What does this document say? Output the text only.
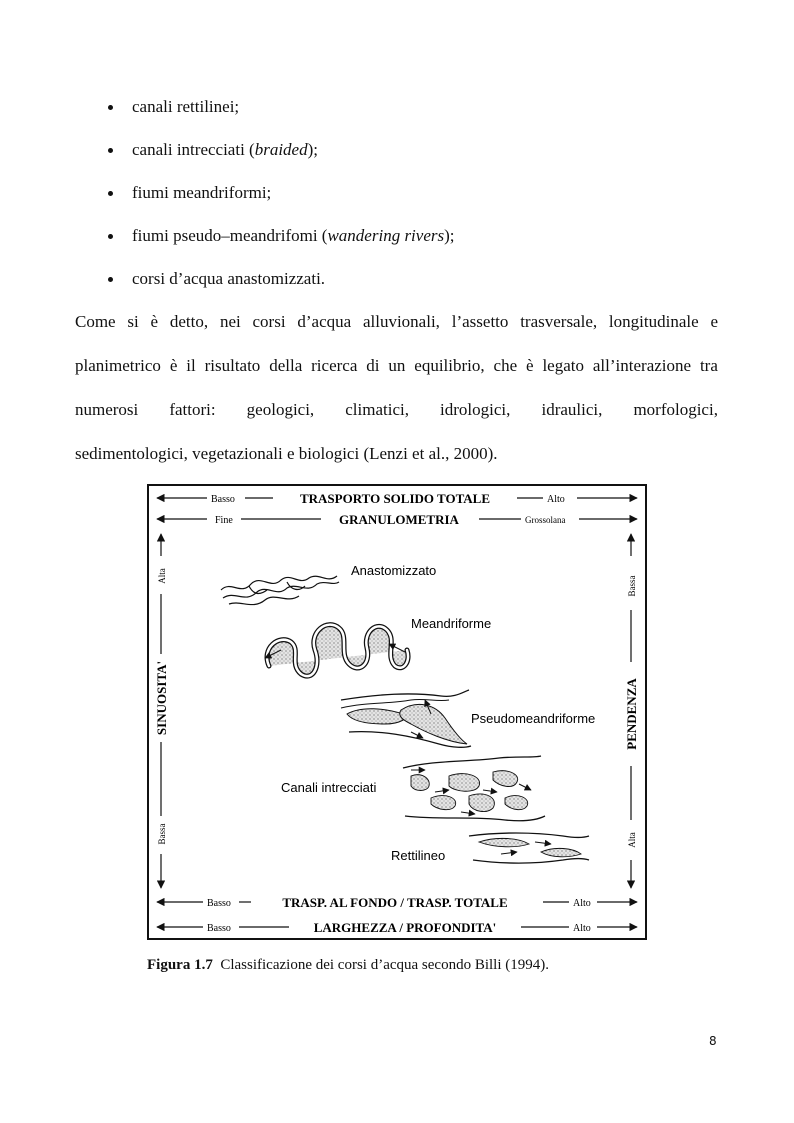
canali rettilinei;
canali intrecciati (braided);
fiumi meandriformi;
fiumi pseudo–meandrifomi (wandering rivers);
corsi d’acqua anastomizzati.
Come si è detto, nei corsi d’acqua alluvionali, l’assetto trasversale, longitudinale e
planimetrico è il risultato della ricerca di un equilibrio, che è legato all’interazione tra
numerosi fattori: geologici, climatici, idrologici, idraulici, morfologici,
sedimentologici, vegetazionali e biologici (Lenzi et al., 2000).
Basso	TRASPORTO SOLIDO TOTALE	Alto
Fine	GRANULOMETRIA	Grossolana
Alta
SINUOSITA'
Bassa
Bassa
PENDENZA
Alta
Basso	TRASP. AL FONDO / TRASP. TOTALE	Alto
Basso	LARGHEZZA / PROFONDITA'	Alto
Anastomizzato
Meandriforme
Pseudomeandriforme
Canali intrecciati
Rettilineo
Figura 1.7 Classificazione dei corsi d’acqua secondo Billi (1994).
8
